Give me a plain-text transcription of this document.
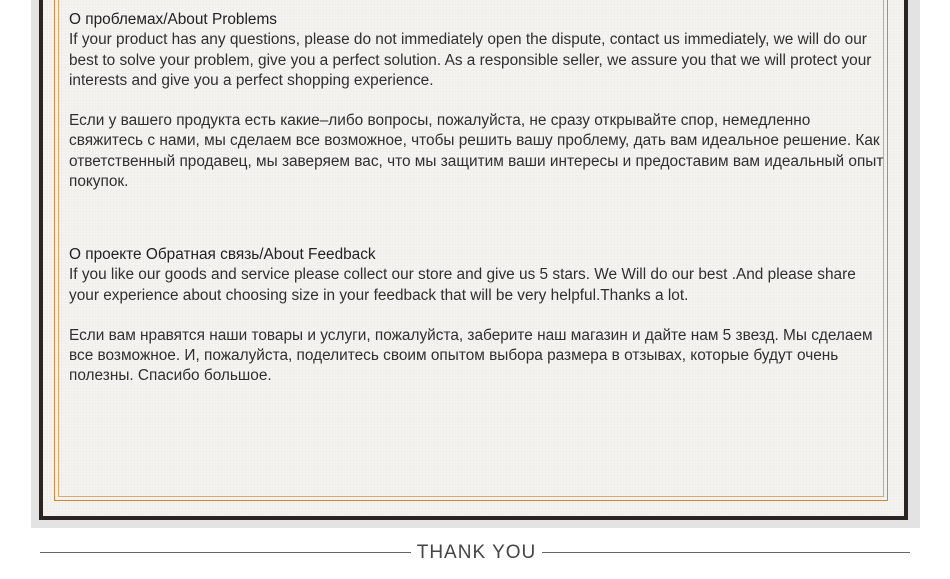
О проблемах/About Problems

If your product has any questions, please do not immediately open the dispute, contact us immediately, we will do our best to solve your problem, give you a perfect solution. As a responsible seller, we assure you that we will protect your interests and give you a perfect shopping experience.

Если у вашего продукта есть какие–либо вопросы, пожалуйста, не сразу открывайте спор, немедленно свяжитесь с нами, мы сделаем все возможное, чтобы решить вашу проблему, дать вам идеальное решение. Как ответственный продавец, мы заверяем вас, что мы защитим ваши интересы и предоставим вам идеальный опыт покупок.

О проекте Обратная связь/About Feedback

If you like our goods and service please collect our store and give us 5 stars. We Will do our best .And please share your experience about choosing size in your feedback that will be very helpful.Thanks a lot.

Если вам нравятся наши товары и услуги, пожалуйста, заберите наш магазин и дайте нам 5 звезд. Мы сделаем все возможное. И, пожалуйста, поделитесь своим опытом выбора размера в отзывах, которые будут очень полезны. Спасибо большое.

THANK YOU
